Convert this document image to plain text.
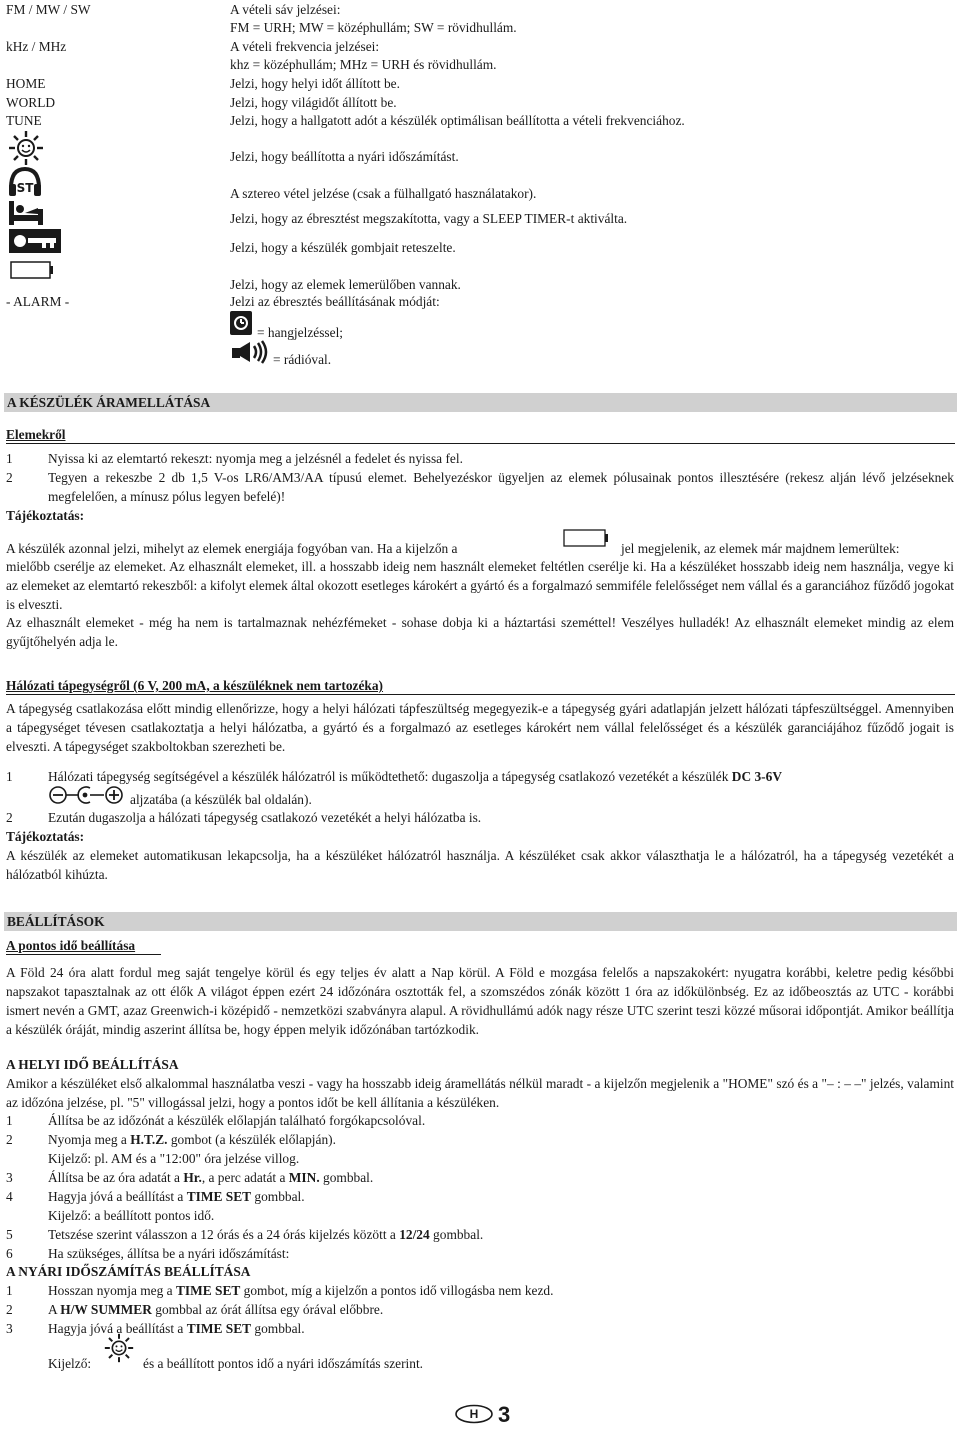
FM / MW / SW	A vételi sáv jelzései:
FM = URH; MW = középhullám; SW = rövidhullám.
kHz / MHz	A vételi frekvencia jelzései:
khz = középhullám; MHz = URH és rövidhullám.
HOME	Jelzi, hogy helyi időt állított be.
WORLD	Jelzi, hogy világidőt állított be.
TUNE	Jelzi, hogy a hallgatott adót a készülék optimálisan beállította a vételi frekvenciához.
Jelzi, hogy beállította a nyári időszámítást.
ST	A sztereo vétel jelzése (csak a fülhallgató használatakor).
Jelzi, hogy az ébresztést megszakította, vagy a SLEEP TIMER-t aktiválta.
Jelzi, hogy a készülék gombjait reteszelte.
Jelzi, hogy az elemek lemerülőben vannak.
- ALARM -	Jelzi az ébresztés beállításának módját:
= hangjelzéssel;
= rádióval.
A KÉSZÜLÉK ÁRAMELLÁTÁSA
Elemekről
1	Nyissa ki az elemtartó rekeszt: nyomja meg a jelzésnél a fedelet és nyissa fel.
2	Tegyen a rekeszbe 2 db 1,5 V-os LR6/AM3/AA típusú elemet. Behelyezéskor ügyeljen az elemek pólusainak pontos illesztésére (rekesz alján lévő jelzéseknek megfelelően, a mínusz pólus legyen befelé)!
Tájékoztatás:
A készülék azonnal jelzi, mihelyt az elemek energiája fogyóban van. Ha a kijelzőn a	jel megjelenik, az elemek már majdnem lemerültek:
mielőbb cserélje az elemeket. Az elhasznált elemeket, ill. a hosszabb ideig nem használt elemeket feltétlen cserélje ki. Ha a készüléket hosszabb ideig nem használja, vegye ki az elemeket az elemtartó rekeszből: a kifolyt elemek által okozott esetleges károkért a gyártó és a forgalmazó semmiféle felelősséget nem vállal és a garanciához fűződő jogokat is elveszti.
Az elhasznált elemeket - még ha nem is tartalmaznak nehézfémeket - sohase dobja ki a háztartási szeméttel! Veszélyes hulladék! Az elhasznált elemeket mindig az elem gyűjtőhelyén adja le.
Hálózati tápegységről (6 V, 200 mA, a készüléknek nem tartozéka)
A tápegység csatlakozása előtt mindig ellenőrizze, hogy a helyi hálózati tápfeszültség megegyezik-e a tápegység gyári adatlapján jelzett hálózati tápfeszültséggel. Amennyiben a tápegységet tévesen csatlakoztatja a helyi hálózatba, a gyártó és a forgalmazó az esetleges károkért nem vállal felelősséget és a készülék garanciájához fűződő jogait is elveszti. A tápegységet szakboltokban szerezheti be.
1	Hálózati tápegység segítségével a készülék hálózatról is működtethető: dugaszolja a tápegység csatlakozó vezetékét a készülék DC 3-6V
aljzatába (a készülék bal oldalán).
2	Ezután dugaszolja a hálózati tápegység csatlakozó vezetékét a helyi hálózatba is.
Tájékoztatás:
A készülék az elemeket automatikusan lekapcsolja, ha a készüléket hálózatról használja. A készüléket csak akkor választhatja le a hálózatról, ha a tápegység vezetékét a hálózatból kihúzta.
BEÁLLÍTÁSOK
A pontos idő beállítása
A Föld 24 óra alatt fordul meg saját tengelye körül és egy teljes év alatt a Nap körül. A Föld e mozgása felelős a napszakokért: nyugatra korábbi, keletre pedig későbbi napszakot tapasztalnak az ott élők A világot éppen ezért 24 időzónára osztották fel, a szomszédos zónák között 1 óra az időkülönbség. Ez az időbeosztás az UTC - korábbi ismert nevén a GMT, azaz Greenwich-i középidő - nemzetközi szabványra alapul. A rövidhullámú adók nagy része UTC szerint teszi közzé műsorai időpontját. Amikor beállítja a készülék óráját, mindig aszerint állítsa be, hogy éppen melyik időzónában tartózkodik.
A HELYI IDŐ BEÁLLÍTÁSA
Amikor a készüléket első alkalommal használatba veszi - vagy ha hosszabb ideig áramellátás nélkül maradt - a kijelzőn megjelenik a "HOME" szó és a "– : – –" jelzés, valamint az időzóna jelzése, pl. "5" villogással jelzi, hogy a pontos időt be kell állítania a készüléken.
1	Állítsa be az időzónát a készülék előlapján található forgókapcsolóval.
2	Nyomja meg a H.T.Z. gombot (a készülék előlapján).
Kijelző: pl. AM és a "12:00" óra jelzése villog.
3	Állítsa be az óra adatát a Hr., a perc adatát a MIN. gombbal.
4	Hagyja jóvá a beállítást a TIME SET gombbal.
Kijelző: a beállított pontos idő.
5	Tetszése szerint válasszon a 12 órás és a 24 órás kijelzés között a 12/24 gombbal.
6	Ha szükséges, állítsa be a nyári időszámítást:
A NYÁRI IDŐSZÁMÍTÁS BEÁLLÍTÁSA
1	Hosszan nyomja meg a TIME SET gombot, míg a kijelzőn a pontos idő villogásba nem kezd.
2	A H/W SUMMER gombbal az órát állítsa egy órával előbbre.
3	Hagyja jóvá a beállítást a TIME SET gombbal.
Kijelző:	és a beállított pontos idő a nyári időszámítás szerint.
H 3
